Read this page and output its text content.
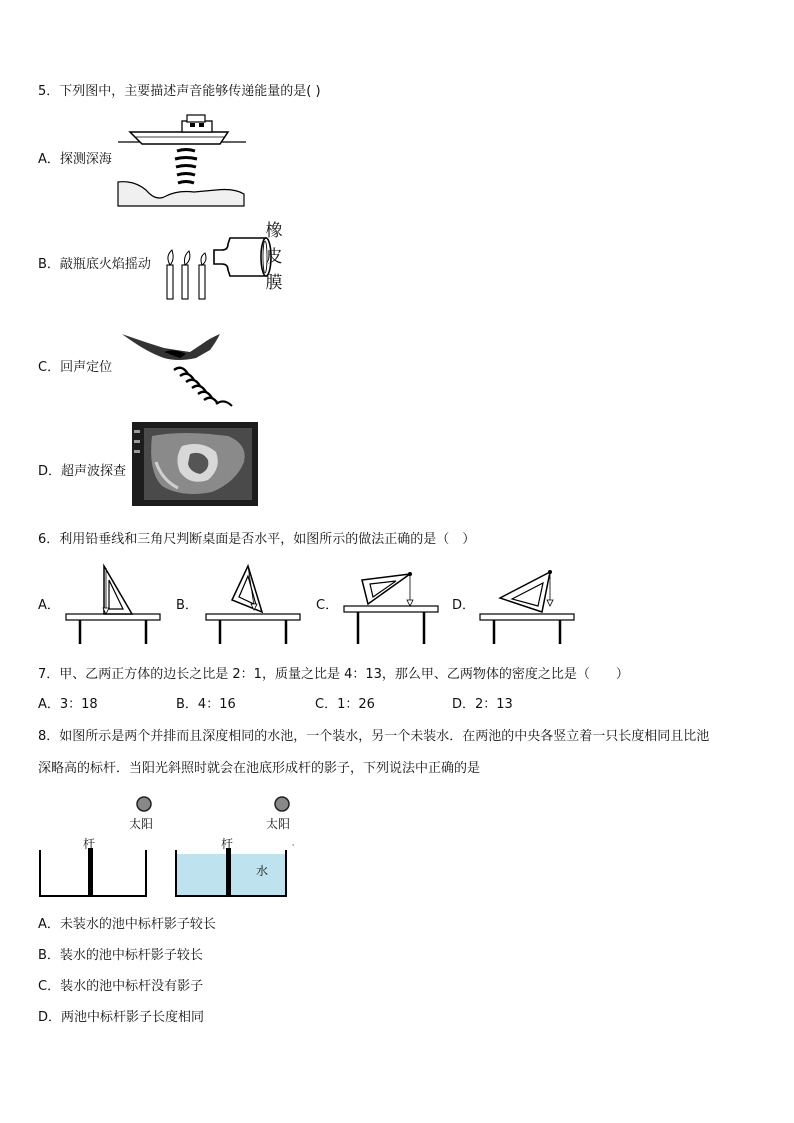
5．下列图中，主要描述声音能够传递能量的是( )
A．探测深海
橡
皮
膜
B．敲瓶底火焰摇动
C．回声定位
D．超声波探查
6．利用铅垂线和三角尺判断桌面是否水平，如图所示的做法正确的是（　）
A．	B．	C．	D．
7．甲、乙两正方体的边长之比是 2：1，质量之比是 4：13，那么甲、乙两物体的密度之比是（　　）
A．3：18	B．4：16	C．1：26	D．2：13
8．如图所示是两个并排而且深度相同的水池，一个装水，另一个未装水．在两池的中央各竖立着一只长度相同且比池
深略高的标杆．当阳光斜照时就会在池底形成杆的影子，下列说法中正确的是
'
太阳	太阳
杆	杆
水
A．未装水的池中标杆影子较长
B．装水的池中标杆影子较长
C．装水的池中标杆没有影子
D．两池中标杆影子长度相同
